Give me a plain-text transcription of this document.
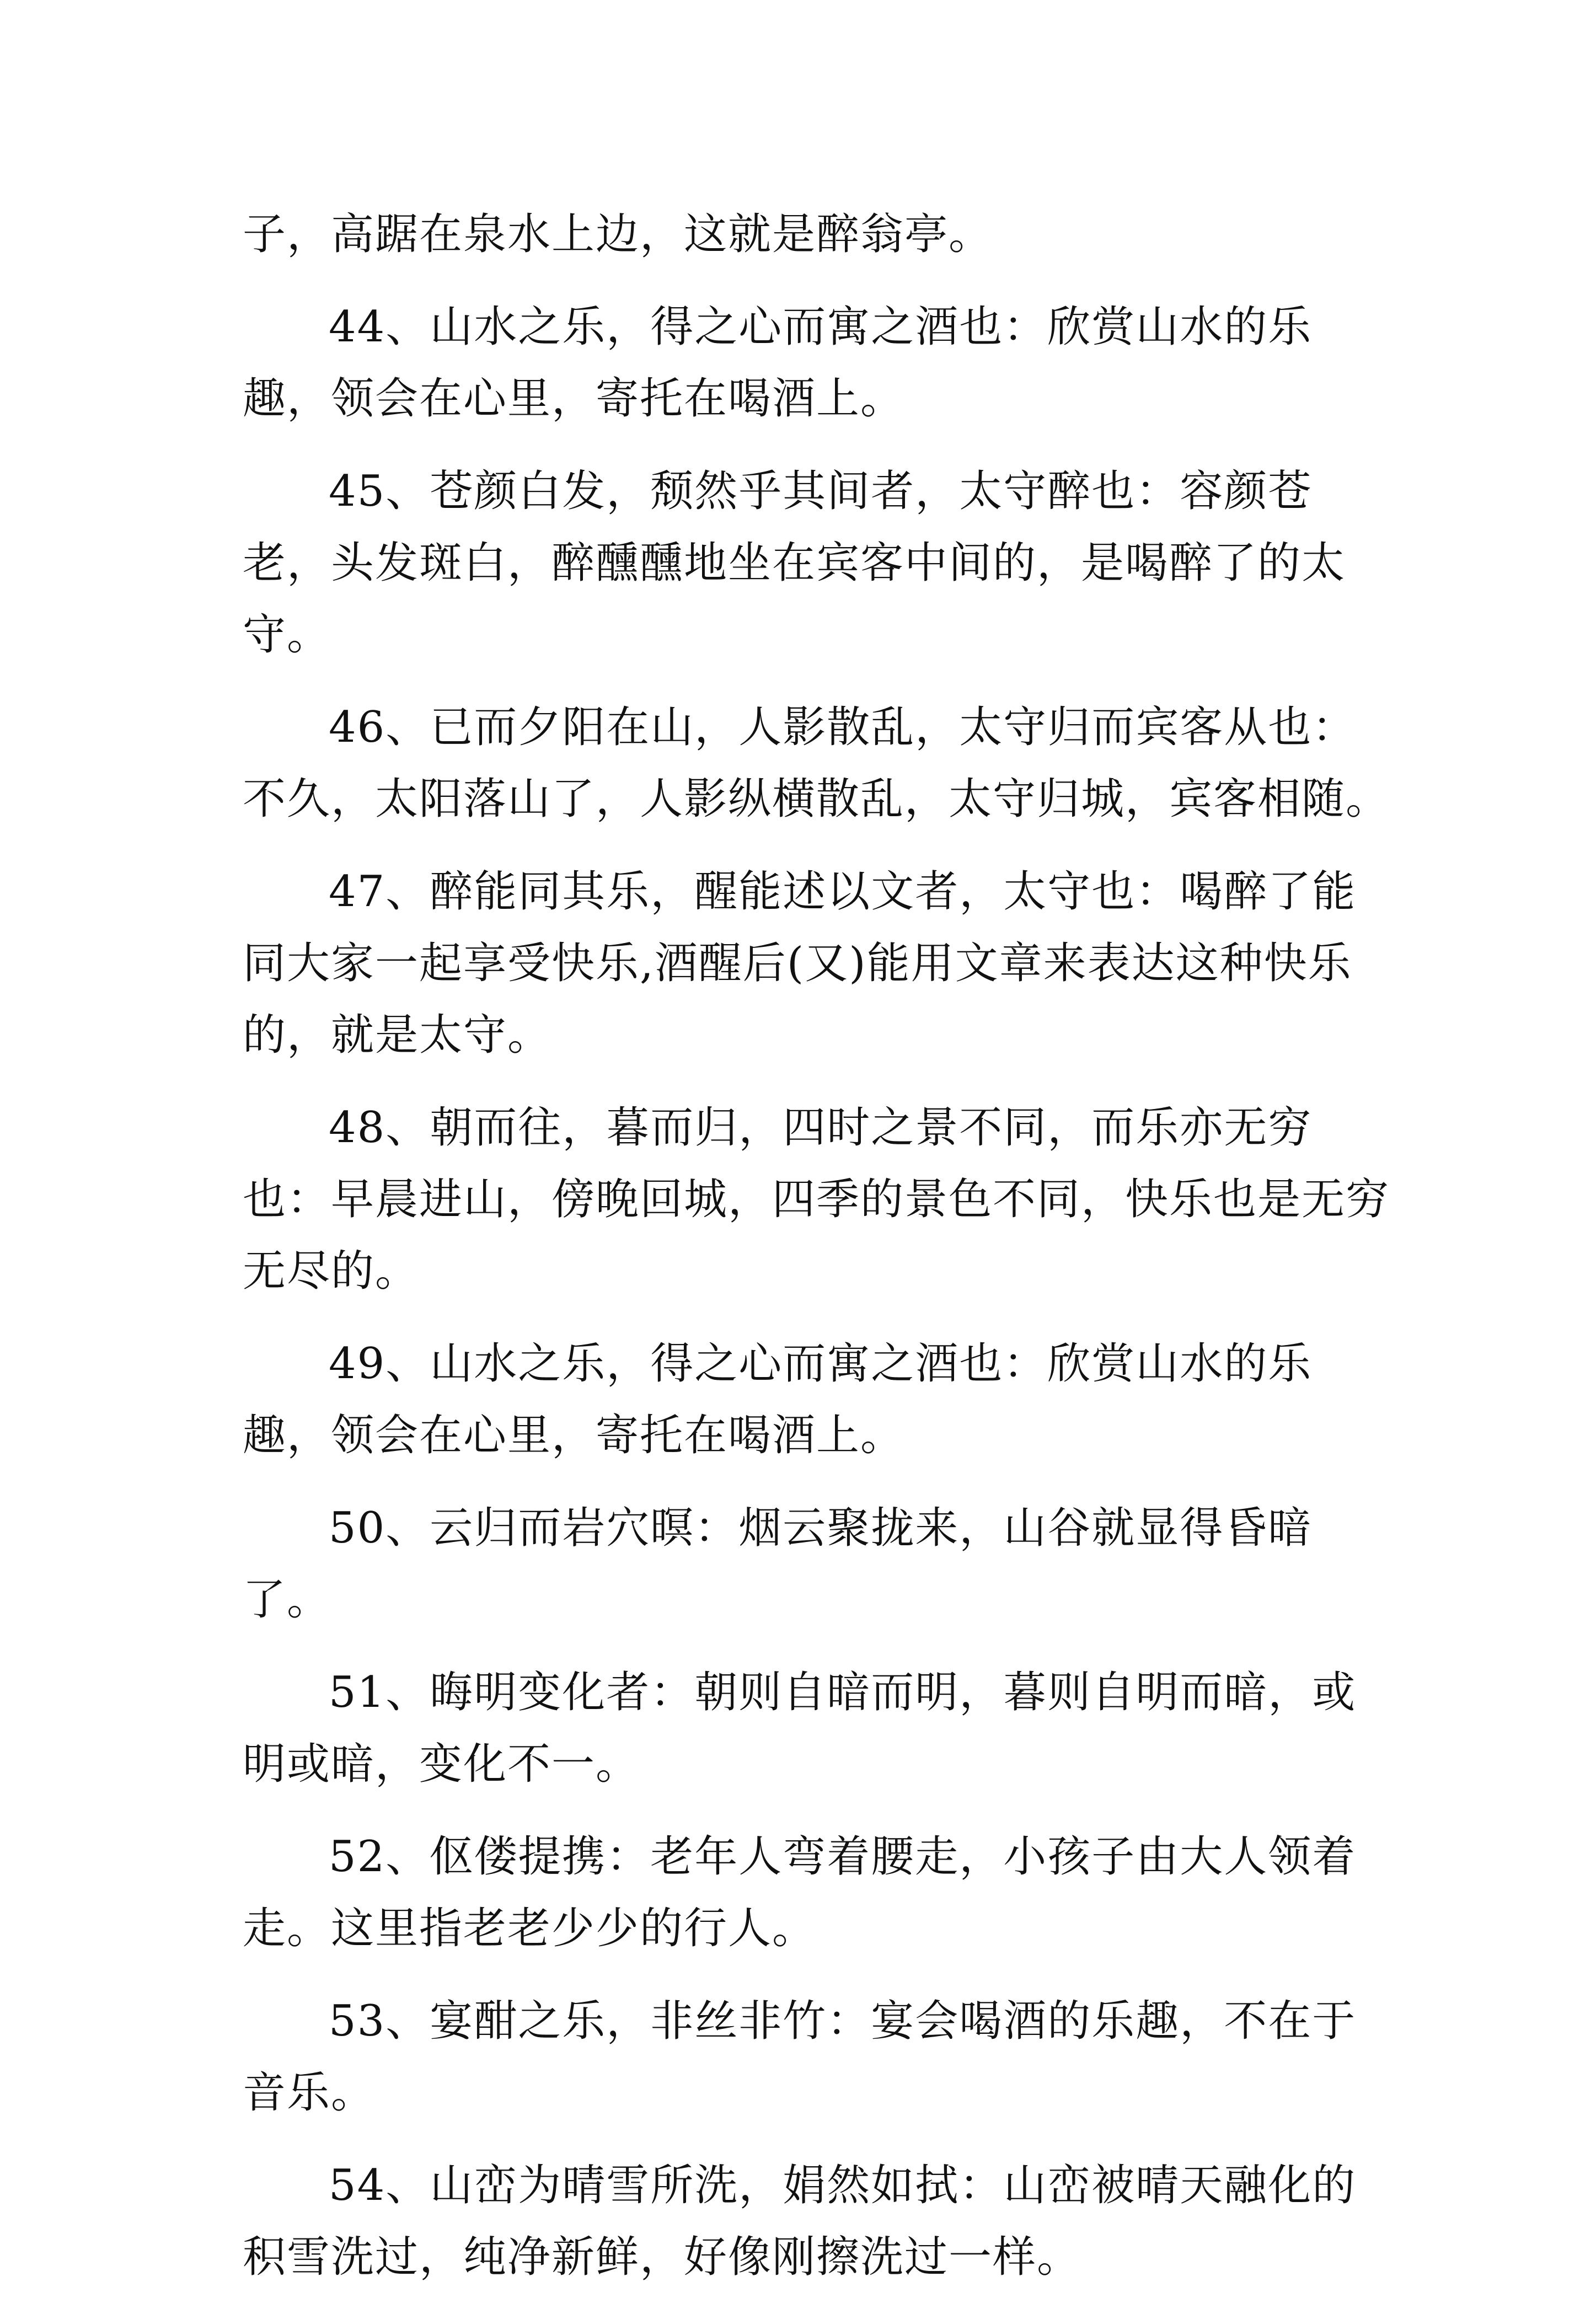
子，高踞在泉水上边，这就是醉翁亭。

44、山水之乐，得之心而寓之酒也：欣赏山水的乐趣，领会在心里，寄托在喝酒上。

45、苍颜白发，颓然乎其间者，太守醉也：容颜苍老，头发斑白，醉醺醺地坐在宾客中间的，是喝醉了的太守。

46、已而夕阳在山，人影散乱，太守归而宾客从也：不久，太阳落山了，人影纵横散乱，太守归城，宾客相随。

47、醉能同其乐，醒能述以文者，太守也：喝醉了能同大家一起享受快乐,酒醒后(又)能用文章来表达这种快乐的，就是太守。

48、朝而往，暮而归，四时之景不同，而乐亦无穷也：早晨进山，傍晚回城，四季的景色不同，快乐也是无穷无尽的。

49、山水之乐，得之心而寓之酒也：欣赏山水的乐趣，领会在心里，寄托在喝酒上。

50、云归而岩穴暝：烟云聚拢来，山谷就显得昏暗了。

51、晦明变化者：朝则自暗而明，暮则自明而暗，或明或暗，变化不一。

52、伛偻提携：老年人弯着腰走，小孩子由大人领着走。这里指老老少少的行人。

53、宴酣之乐，非丝非竹：宴会喝酒的乐趣，不在于音乐。

54、山峦为晴雪所洗，娟然如拭：山峦被晴天融化的积雪洗过，纯净新鲜，好像刚擦洗过一样。
